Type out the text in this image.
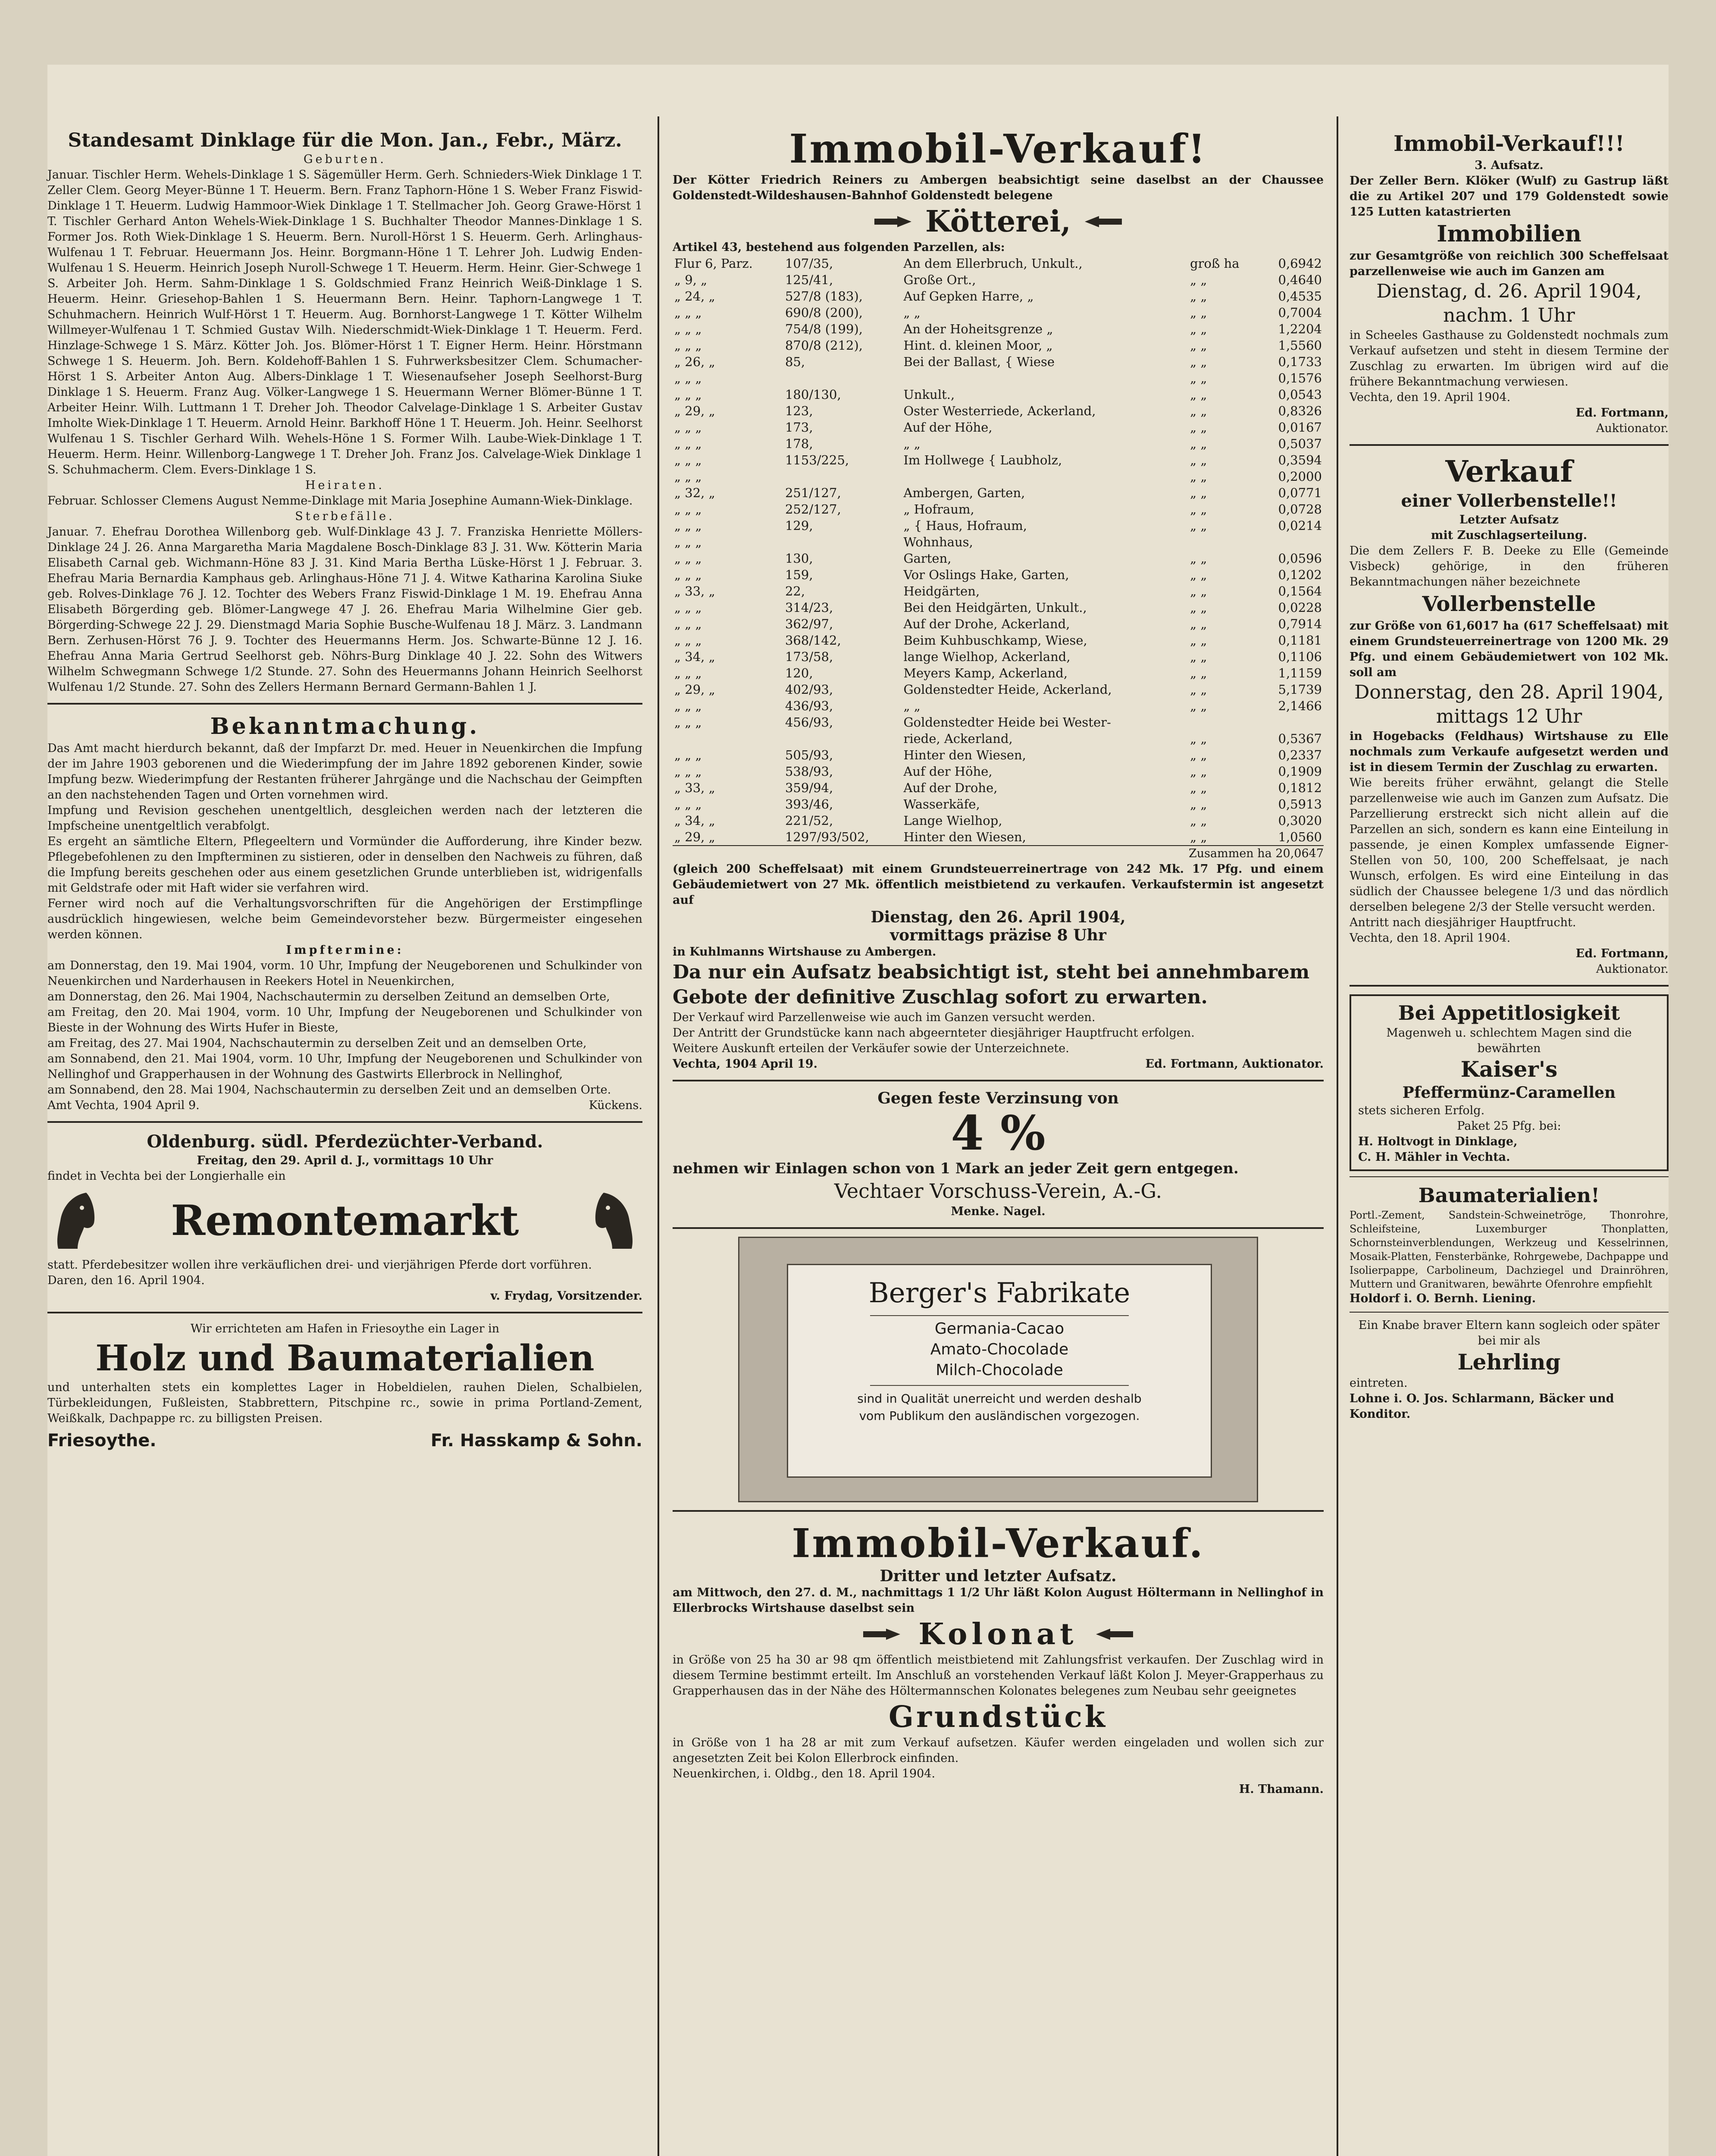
Standesamt Dinklage für die Mon. Jan., Febr., März.

Geburten.

Januar. Tischler Herm. Wehels-Dinklage 1 S. Sägemüller Herm. Gerh. Schnieders-Wiek Dinklage 1 T. Zeller Clem. Georg Meyer-Bünne 1 T. Heuerm. Bern. Franz Taphorn-Höne 1 S. Weber Franz Fiswid-Dinklage 1 T. Heuerm. Ludwig Hammoor-Wiek Dinklage 1 T. Stellmacher Joh. Georg Grawe-Hörst 1 T. Tischler Gerhard Anton Wehels-Wiek-Dinklage 1 S. Buchhalter Theodor Mannes-Dinklage 1 S. Former Jos. Roth Wiek-Dinklage 1 S. Heuerm. Bern. Nuroll-Hörst 1 S. Heuerm. Gerh. Arlinghaus-Wulfenau 1 T. Februar. Heuermann Jos. Heinr. Borgmann-Höne 1 T. Lehrer Joh. Ludwig Enden-Wulfenau 1 S. Heuerm. Heinrich Joseph Nuroll-Schwege 1 T. Heuerm. Herm. Heinr. Gier-Schwege 1 S. Arbeiter Joh. Herm. Sahm-Dinklage 1 S. Goldschmied Franz Heinrich Weiß-Dinklage 1 S. Heuerm. Heinr. Griesehop-Bahlen 1 S. Heuermann Bern. Heinr. Taphorn-Langwege 1 T. Schuhmachern. Heinrich Wulf-Hörst 1 T. Heuerm. Aug. Bornhorst-Langwege 1 T. Kötter Wilhelm Willmeyer-Wulfenau 1 T. Schmied Gustav Wilh. Niederschmidt-Wiek-Dinklage 1 T. Heuerm. Ferd. Hinzlage-Schwege 1 S. März. Kötter Joh. Jos. Blömer-Hörst 1 T. Eigner Herm. Heinr. Hörstmann Schwege 1 S. Heuerm. Joh. Bern. Koldehoff-Bahlen 1 S. Fuhrwerksbesitzer Clem. Schumacher-Hörst 1 S. Arbeiter Anton Aug. Albers-Dinklage 1 T. Wiesenaufseher Joseph Seelhorst-Burg Dinklage 1 S. Heuerm. Franz Aug. Völker-Langwege 1 S. Heuermann Werner Blömer-Bünne 1 T. Arbeiter Heinr. Wilh. Luttmann 1 T. Dreher Joh. Theodor Calvelage-Dinklage 1 S. Arbeiter Gustav Imholte Wiek-Dinklage 1 T. Heuerm. Arnold Heinr. Barkhoff Höne 1 T. Heuerm. Joh. Heinr. Seelhorst Wulfenau 1 S. Tischler Gerhard Wilh. Wehels-Höne 1 S. Former Wilh. Laube-Wiek-Dinklage 1 T. Heuerm. Herm. Heinr. Willenborg-Langwege 1 T. Dreher Joh. Franz Jos. Calvelage-Wiek Dinklage 1 S. Schuhmacherm. Clem. Evers-Dinklage 1 S.

Heiraten.

Februar. Schlosser Clemens August Nemme-Dinklage mit Maria Josephine Aumann-Wiek-Dinklage.

Sterbefälle.

Januar. 7. Ehefrau Dorothea Willenborg geb. Wulf-Dinklage 43 J. 7. Franziska Henriette Möllers-Dinklage 24 J. 26. Anna Margaretha Maria Magdalene Bosch-Dinklage 83 J. 31. Ww. Kötterin Maria Elisabeth Carnal geb. Wichmann-Höne 83 J. 31. Kind Maria Bertha Lüske-Hörst 1 J. Februar. 3. Ehefrau Maria Bernardia Kamphaus geb. Arlinghaus-Höne 71 J. 4. Witwe Katharina Karolina Siuke geb. Rolves-Dinklage 76 J. 12. Tochter des Webers Franz Fiswid-Dinklage 1 M. 19. Ehefrau Anna Elisabeth Börgerding geb. Blömer-Langwege 47 J. 26. Ehefrau Maria Wilhelmine Gier geb. Börgerding-Schwege 22 J. 29. Dienstmagd Maria Sophie Busche-Wulfenau 18 J. März. 3. Landmann Bern. Zerhusen-Hörst 76 J. 9. Tochter des Heuermanns Herm. Jos. Schwarte-Bünne 12 J. 16. Ehefrau Anna Maria Gertrud Seelhorst geb. Nöhrs-Burg Dinklage 40 J. 22. Sohn des Witwers Wilhelm Schwegmann Schwege 1/2 Stunde. 27. Sohn des Heuermanns Johann Heinrich Seelhorst Wulfenau 1/2 Stunde. 27. Sohn des Zellers Hermann Bernard Germann-Bahlen 1 J.

Bekanntmachung.

Das Amt macht hierdurch bekannt, daß der Impfarzt Dr. med. Heuer in Neuenkirchen die Impfung der im Jahre 1903 geborenen und die Wiederimpfung der im Jahre 1892 geborenen Kinder, sowie Impfung bezw. Wiederimpfung der Restanten früherer Jahrgänge und die Nachschau der Geimpften an den nachstehenden Tagen und Orten vornehmen wird.

Impfung und Revision geschehen unentgeltlich, desgleichen werden nach der letzteren die Impfscheine unentgeltlich verabfolgt.

Es ergeht an sämtliche Eltern, Pflegeeltern und Vormünder die Aufforderung, ihre Kinder bezw. Pflegebefohlenen zu den Impfterminen zu sistieren, oder in denselben den Nachweis zu führen, daß die Impfung bereits geschehen oder aus einem gesetzlichen Grunde unterblieben ist, widrigenfalls mit Geldstrafe oder mit Haft wider sie verfahren wird.

Ferner wird noch auf die Verhaltungsvorschriften für die Angehörigen der Erstimpflinge ausdrücklich hingewiesen, welche beim Gemeindevorsteher bezw. Bürgermeister eingesehen werden können.

Impftermine:

am Donnerstag, den 19. Mai 1904, vorm. 10 Uhr, Impfung der Neugeborenen und Schulkinder von Neuenkirchen und Narderhausen in Reekers Hotel in Neuenkirchen,

am Donnerstag, den 26. Mai 1904, Nachschautermin zu derselben Zeitund an demselben Orte,

am Freitag, den 20. Mai 1904, vorm. 10 Uhr, Impfung der Neugeborenen und Schulkinder von Bieste in der Wohnung des Wirts Hufer in Bieste,

am Freitag, des 27. Mai 1904, Nachschautermin zu derselben Zeit und an demselben Orte,

am Sonnabend, den 21. Mai 1904, vorm. 10 Uhr, Impfung der Neugeborenen und Schulkinder von Nellinghof und Grapperhausen in der Wohnung des Gastwirts Ellerbrock in Nellinghof,

am Sonnabend, den 28. Mai 1904, Nachschautermin zu derselben Zeit und an demselben Orte.

Amt Vechta, 1904 April 9.	Kückens.

Oldenburg. südl. Pferdezüchter-Verband.

Freitag, den 29. April d. J., vormittags 10 Uhr

findet in Vechta bei der Longierhalle ein

Remontemarkt

statt. Pferdebesitzer wollen ihre verkäuflichen drei- und vierjährigen Pferde dort vorführen.

Daren, den 16. April 1904.

v. Frydag, Vorsitzender.

Wir errichteten am Hafen in Friesoythe ein Lager in

Holz und Baumaterialien

und unterhalten stets ein komplettes Lager in Hobeldielen, rauhen Dielen, Schalbielen, Türbekleidungen, Fußleisten, Stabbrettern, Pitschpine rc., sowie in prima Portland-Zement, Weißkalk, Dachpappe rc. zu billigsten Preisen.

Friesoythe.	Fr. Hasskamp & Sohn.

Immobil-Verkauf!

Der Kötter Friedrich Reiners zu Ambergen beabsichtigt seine daselbst an der Chaussee Goldenstedt-Wildeshausen-Bahnhof Goldenstedt belegene

Kötterei,

Artikel 43, bestehend aus folgenden Parzellen, als:

Flur 6, Parz.	107/35,	An dem Ellerbruch, Unkult.,	groß ha	0,6942
„ 9, „	125/41,	Große Ort.,	„ „	0,4640
„ 24, „	527/8 (183),	Auf Gepken Harre, „	„ „	0,4535
„ „ „	690/8 (200),	„ „	„ „	0,7004
„ „ „	754/8 (199),	An der Hoheitsgrenze „	„ „	1,2204
„ „ „	870/8 (212),	Hint. d. kleinen Moor, „	„ „	1,5560
„ 26, „	85,	Bei der Ballast, { Wiese	„ „	0,1733
„ „ „			„ „	0,1576
„ „ „	180/130,	Unkult.,	„ „	0,0543
„ 29, „	123,	Oster Westerriede, Ackerland,	„ „	0,8326
„ „ „	173,	Auf der Höhe,	„ „	0,0167
„ „ „	178,	„ „	„ „	0,5037
„ „ „	1153/225,	Im Hollwege { Laubholz,	„ „	0,3594
„ „ „			„ „	0,2000
„ 32, „	251/127,	Ambergen, Garten,	„ „	0,0771
„ „ „	252/127,	„ Hofraum,	„ „	0,0728
„ „ „	129,	„ { Haus, Hofraum,	„ „	0,0214
„ „ „		Wohnhaus,		
„ „ „	130,	Garten,	„ „	0,0596
„ „ „	159,	Vor Oslings Hake, Garten,	„ „	0,1202
„ 33, „	22,	Heidgärten,	„ „	0,1564
„ „ „	314/23,	Bei den Heidgärten, Unkult.,	„ „	0,0228
„ „ „	362/97,	Auf der Drohe, Ackerland,	„ „	0,7914
„ „ „	368/142,	Beim Kuhbuschkamp, Wiese,	„ „	0,1181
„ 34, „	173/58,	lange Wielhop, Ackerland,	„ „	0,1106
„ „ „	120,	Meyers Kamp, Ackerland,	„ „	1,1159
„ 29, „	402/93,	Goldenstedter Heide, Ackerland,	„ „	5,1739
„ „ „	436/93,	„ „	„ „	2,1466
„ „ „	456/93,	Goldenstedter Heide bei Wester-		
		riede, Ackerland,	„ „	0,5367
„ „ „	505/93,	Hinter den Wiesen,	„ „	0,2337
„ „ „	538/93,	Auf der Höhe,	„ „	0,1909
„ 33, „	359/94,	Auf der Drohe,	„ „	0,1812
„ „ „	393/46,	Wasserkäfe,	„ „	0,5913
„ 34, „	221/52,	Lange Wielhop,	„ „	0,3020
„ 29, „	1297/93/502,	Hinter den Wiesen,	„ „	1,0560

Zusammen ha 20,0647

(gleich 200 Scheffelsaat) mit einem Grundsteuerreinertrage von 242 Mk. 17 Pfg. und einem Gebäudemietwert von 27 Mk. öffentlich meistbietend zu verkaufen. Verkaufstermin ist angesetzt auf

Dienstag, den 26. April 1904,

vormittags präzise 8 Uhr

in Kuhlmanns Wirtshause zu Ambergen.

Da nur ein Aufsatz beabsichtigt ist, steht bei annehmbarem Gebote der definitive Zuschlag sofort zu erwarten.

Der Verkauf wird Parzellenweise wie auch im Ganzen versucht werden.

Der Antritt der Grundstücke kann nach abgeernteter diesjähriger Hauptfrucht erfolgen.

Weitere Auskunft erteilen der Verkäufer sowie der Unterzeichnete.

Vechta, 1904 April 19.	Ed. Fortmann, Auktionator.

Gegen feste Verzinsung von

4 %

nehmen wir Einlagen schon von 1 Mark an jeder Zeit gern entgegen.

Vechtaer Vorschuss-Verein, A.-G.

Menke. Nagel.

Berger's Fabrikate

Germania-Cacao

Amato-Chocolade

Milch-Chocolade

sind in Qualität unerreicht und werden deshalb vom Publikum den ausländischen vorgezogen.

Immobil-Verkauf.

Dritter und letzter Aufsatz.

am Mittwoch, den 27. d. M., nachmittags 1 1/2 Uhr läßt Kolon August Höltermann in Nellinghof in Ellerbrocks Wirtshause daselbst sein

Kolonat

in Größe von 25 ha 30 ar 98 qm öffentlich meistbietend mit Zahlungsfrist verkaufen. Der Zuschlag wird in diesem Termine bestimmt erteilt. Im Anschluß an vorstehenden Verkauf läßt Kolon J. Meyer-Grapperhaus zu Grapperhausen das in der Nähe des Höltermannschen Kolonates belegenes zum Neubau sehr geeignetes

Grundstück

in Größe von 1 ha 28 ar mit zum Verkauf aufsetzen. Käufer werden eingeladen und wollen sich zur angesetzten Zeit bei Kolon Ellerbrock einfinden.

Neuenkirchen, i. Oldbg., den 18. April 1904.

H. Thamann.

Immobil-Verkauf!!!

3. Aufsatz.

Der Zeller Bern. Klöker (Wulf) zu Gastrup läßt die zu Artikel 207 und 179 Goldenstedt sowie 125 Lutten katastrierten

Immobilien

zur Gesamtgröße von reichlich 300 Scheffelsaat parzellenweise wie auch im Ganzen am

Dienstag, d. 26. April 1904, nachm. 1 Uhr

in Scheeles Gasthause zu Goldenstedt nochmals zum Verkauf aufsetzen und steht in diesem Termine der Zuschlag zu erwarten. Im übrigen wird auf die frühere Bekanntmachung verwiesen.

Vechta, den 19. April 1904.

Ed. Fortmann,

Auktionator.

Verkauf

einer Vollerbenstelle!!

Letzter Aufsatz

mit Zuschlagserteilung.

Die dem Zellers F. B. Deeke zu Elle (Gemeinde Visbeck) gehörige, in den früheren Bekanntmachungen näher bezeichnete

Vollerbenstelle

zur Größe von 61,6017 ha (617 Scheffelsaat) mit einem Grundsteuerreinertrage von 1200 Mk. 29 Pfg. und einem Gebäudemietwert von 102 Mk. soll am

Donnerstag, den 28. April 1904, mittags 12 Uhr

in Hogebacks (Feldhaus) Wirtshause zu Elle nochmals zum Verkaufe aufgesetzt werden und ist in diesem Termin der Zuschlag zu erwarten.

Wie bereits früher erwähnt, gelangt die Stelle parzellenweise wie auch im Ganzen zum Aufsatz. Die Parzellierung erstreckt sich nicht allein auf die Parzellen an sich, sondern es kann eine Einteilung in passende, je einen Komplex umfassende Eigner-Stellen von 50, 100, 200 Scheffelsaat, je nach Wunsch, erfolgen. Es wird eine Einteilung in das südlich der Chaussee belegene 1/3 und das nördlich derselben belegene 2/3 der Stelle versucht werden.

Antritt nach diesjähriger Hauptfrucht.

Vechta, den 18. April 1904.

Ed. Fortmann,

Auktionator.

Bei Appetitlosigkeit

Magenweh u. schlechtem Magen sind die bewährten

Kaiser's

Pfeffermünz-Caramellen

stets sicheren Erfolg.

Paket 25 Pfg. bei:

H. Holtvogt in Dinklage,

C. H. Mähler in Vechta.

Baumaterialien!

Portl.-Zement, Sandstein-Schweinetröge, Thonrohre, Schleifsteine, Luxemburger Thonplatten, Schornsteinverblendungen, Werkzeug und Kesselrinnen, Mosaik-Platten, Fensterbänke, Rohrgewebe, Dachpappe und Isolierpappe, Carbolineum, Dachziegel und Drainröhren, Muttern und Granitwaren, bewährte Ofenrohre empfiehlt

Holdorf i. O. Bernh. Liening.

Ein Knabe braver Eltern kann sogleich oder später bei mir als

Lehrling

eintreten.

Lohne i. O. Jos. Schlarmann, Bäcker und Konditor.
